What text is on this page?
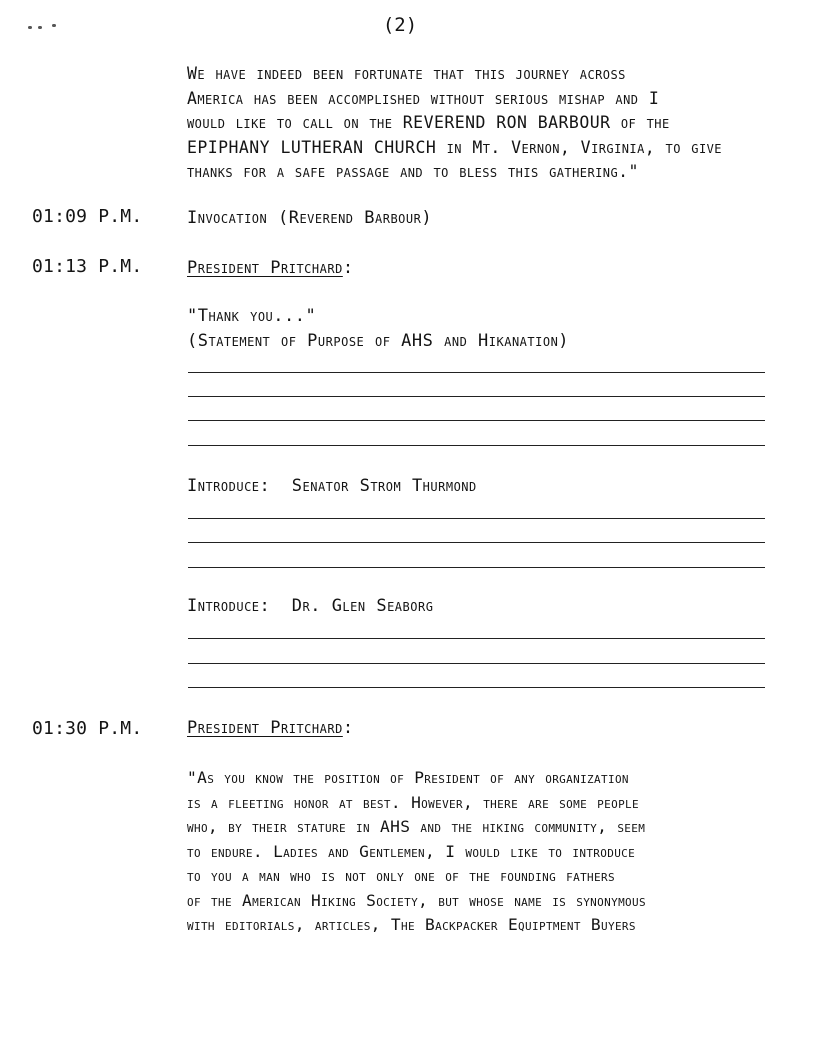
(2)

We have indeed been fortunate that this journey across
America has been accomplished without serious mishap and I
would like to call on the REVEREND RON BARBOUR of the
EPIPHANY LUTHERAN CHURCH in Mt. Vernon, Virginia, to give
thanks for a safe passage and to bless this gathering."

01:09 P.M.	Invocation (Reverend Barbour)
01:13 P.M.	President Pritchard:
"Thank you..."
(Statement of Purpose of AHS and Hikanation)
Introduce: Senator Strom Thurmond
Introduce: Dr. Glen Seaborg
01:30 P.M.	President Pritchard:

"As you know the position of President of any organization
is a fleeting honor at best. However, there are some people
who, by their stature in AHS and the hiking community, seem
to endure. Ladies and Gentlemen, I would like to introduce
to you a man who is not only one of the founding fathers
of the American Hiking Society, but whose name is synonymous
with editorials, articles, The Backpacker Equiptment Buyers
